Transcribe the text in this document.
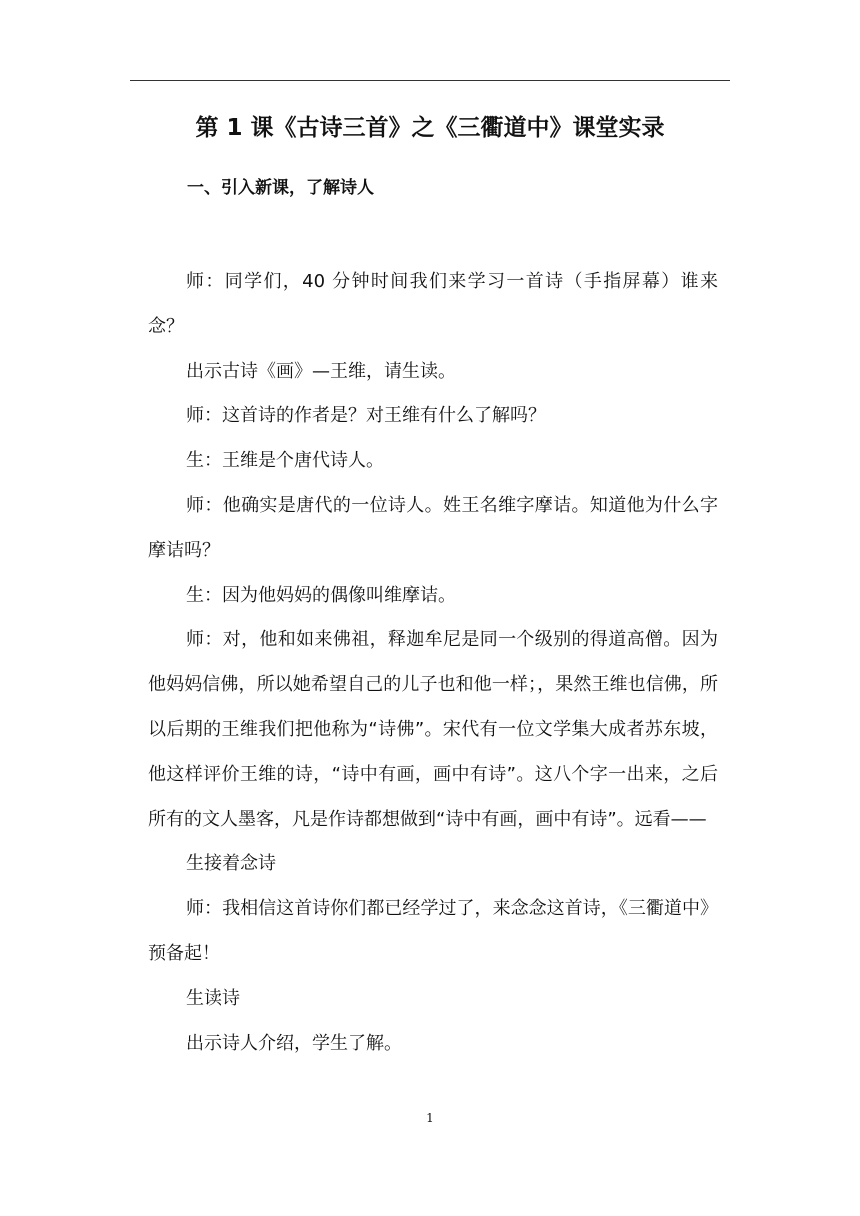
第 1 课《古诗三首》之《三衢道中》课堂实录
一、引入新课，了解诗人

师：同学们，40 分钟时间我们来学习一首诗（手指屏幕）谁来念？

出示古诗《画》—王维，请生读。

师：这首诗的作者是？对王维有什么了解吗？

生：王维是个唐代诗人。

师：他确实是唐代的一位诗人。姓王名维字摩诘。知道他为什么字摩诘吗？

生：因为他妈妈的偶像叫维摩诘。

师：对，他和如来佛祖，释迦牟尼是同一个级别的得道高僧。因为他妈妈信佛，所以她希望自己的儿子也和他一样；，果然王维也信佛，所以后期的王维我们把他称为“诗佛”。宋代有一位文学集大成者苏东坡，他这样评价王维的诗，“诗中有画，画中有诗”。这八个字一出来，之后所有的文人墨客，凡是作诗都想做到“诗中有画，画中有诗”。远看——

生接着念诗

师：我相信这首诗你们都已经学过了，来念念这首诗，《三衢道中》预备起！

生读诗

出示诗人介绍，学生了解。

1
